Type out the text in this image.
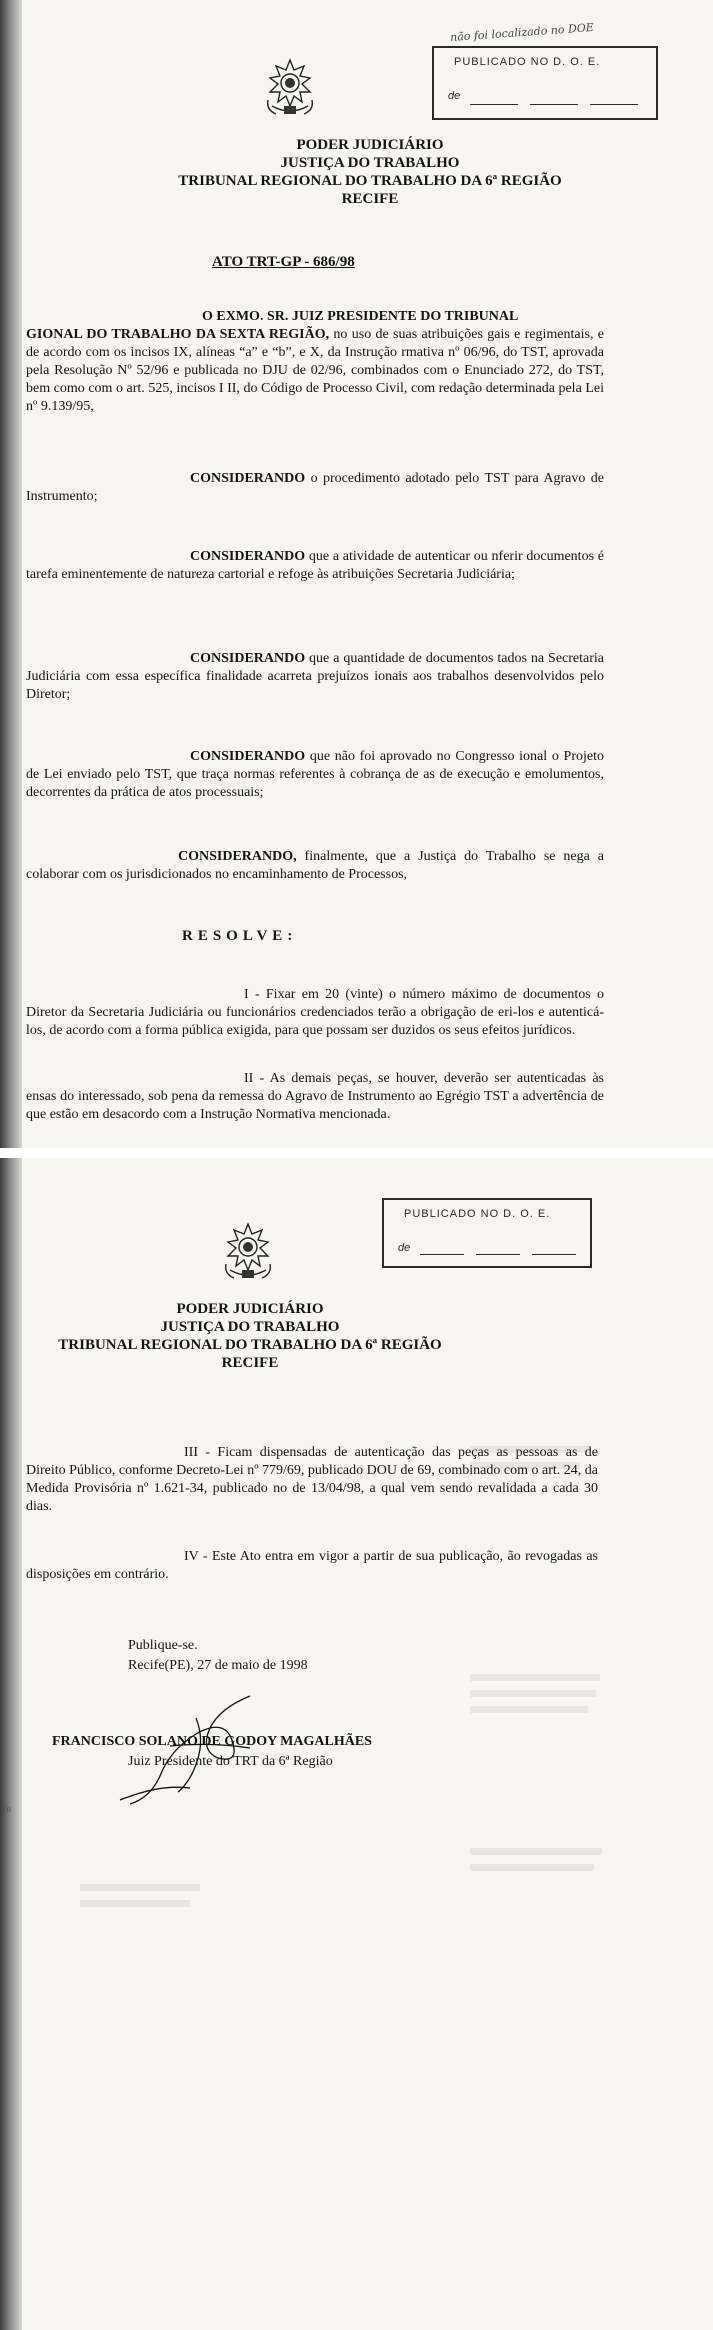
não foi localizado no DOE
PUBLICADO NO D. O. E.
de
PODER JUDICIÁRIO
JUSTIÇA DO TRABALHO
TRIBUNAL REGIONAL DO TRABALHO DA 6ª REGIÃO
RECIFE
ATO TRT-GP - 686/98
O EXMO. SR. JUIZ PRESIDENTE DO TRIBUNAL
GIONAL DO TRABALHO DA SEXTA REGIÃO, no uso de suas atribuições gais e regimentais, e de acordo com os incisos IX, alíneas “a” e “b”, e X, da Instrução rmativa nº 06/96, do TST, aprovada pela Resolução Nº 52/96 e publicada no DJU de 02/96, combinados com o Enunciado 272, do TST, bem como com o art. 525, incisos I II, do Código de Processo Civil, com redação determinada pela Lei nº 9.139/95,
CONSIDERANDO o procedimento adotado pelo TST para Agravo de Instrumento;
CONSIDERANDO que a atividade de autenticar ou nferir documentos é tarefa eminentemente de natureza cartorial e refoge às atribuições Secretaria Judiciária;
CONSIDERANDO que a quantidade de documentos tados na Secretaria Judiciária com essa específica finalidade acarreta prejuízos ionais aos trabalhos desenvolvidos pelo Diretor;
CONSIDERANDO que não foi aprovado no Congresso ional o Projeto de Lei enviado pelo TST, que traça normas referentes à cobrança de as de execução e emolumentos, decorrentes da prática de atos processuais;
CONSIDERANDO, finalmente, que a Justiça do Trabalho se nega a colaborar com os jurisdicionados no encaminhamento de Processos,
RESOLVE:
I - Fixar em 20 (vinte) o número máximo de documentos o Diretor da Secretaria Judiciária ou funcionários credenciados terão a obrigação de eri-los e autenticá-los, de acordo com a forma pública exigida, para que possam ser duzidos os seus efeitos jurídicos.
II - As demais peças, se houver, deverão ser autenticadas às ensas do interessado, sob pena da remessa do Agravo de Instrumento ao Egrégio TST a advertência de que estão em desacordo com a Instrução Normativa mencionada.
PUBLICADO NO D. O. E.
de
PODER JUDICIÁRIO
JUSTIÇA DO TRABALHO
TRIBUNAL REGIONAL DO TRABALHO DA 6ª REGIÃO
RECIFE
III - Ficam dispensadas de autenticação das peças as pessoas as de Direito Público, conforme Decreto-Lei nº 779/69, publicado DOU de 69, combinado com o art. 24, da Medida Provisória nº 1.621-34, publicado no de 13/04/98, a qual vem sendo revalidada a cada 30 dias.
IV - Este Ato entra em vigor a partir de sua publicação, ão revogadas as disposições em contrário.
Publique-se.
Recife(PE), 27 de maio de 1998
FRANCISCO SOLANO DE GODOY MAGALHÃES
Juiz Presidente do TRT da 6ª Região
/n
